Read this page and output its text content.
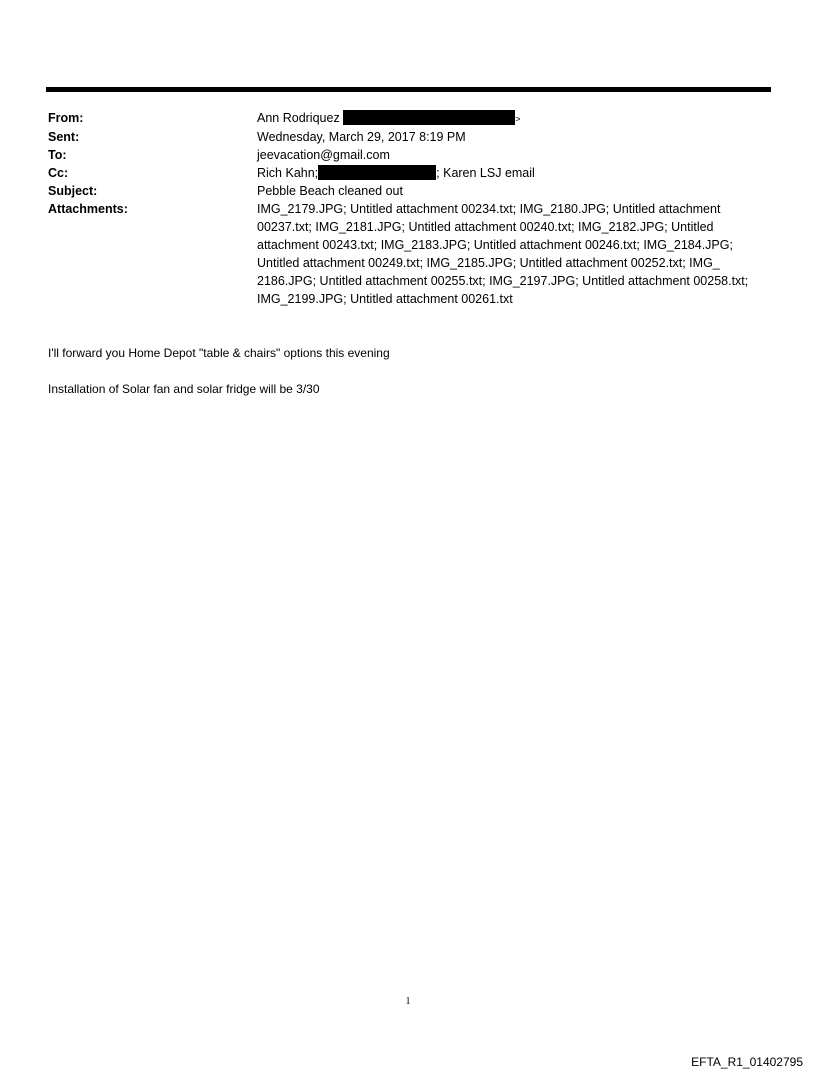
From:	Ann Rodriquez	>
Sent:	Wednesday, March 29, 2017 8:19 PM
To:	jeevacation@gmail.com
Cc:	Rich Kahn;	; Karen LSJ email
Subject:	Pebble Beach cleaned out
Attachments:	IMG_2179.JPG; Untitled attachment 00234.txt; IMG_2180.JPG; Untitled attachment 00237.txt; IMG_2181.JPG; Untitled attachment 00240.txt; IMG_2182.JPG; Untitled attachment 00243.txt; IMG_2183.JPG; Untitled attachment 00246.txt; IMG_2184.JPG; Untitled attachment 00249.txt; IMG_2185.JPG; Untitled attachment 00252.txt; IMG_ 2186.JPG; Untitled attachment 00255.txt; IMG_2197.JPG; Untitled attachment 00258.txt; IMG_2199.JPG; Untitled attachment 00261.txt
I'll forward you Home Depot "table & chairs" options this evening
Installation of Solar fan and solar fridge will be 3/30
1
EFTA_R1_01402795
